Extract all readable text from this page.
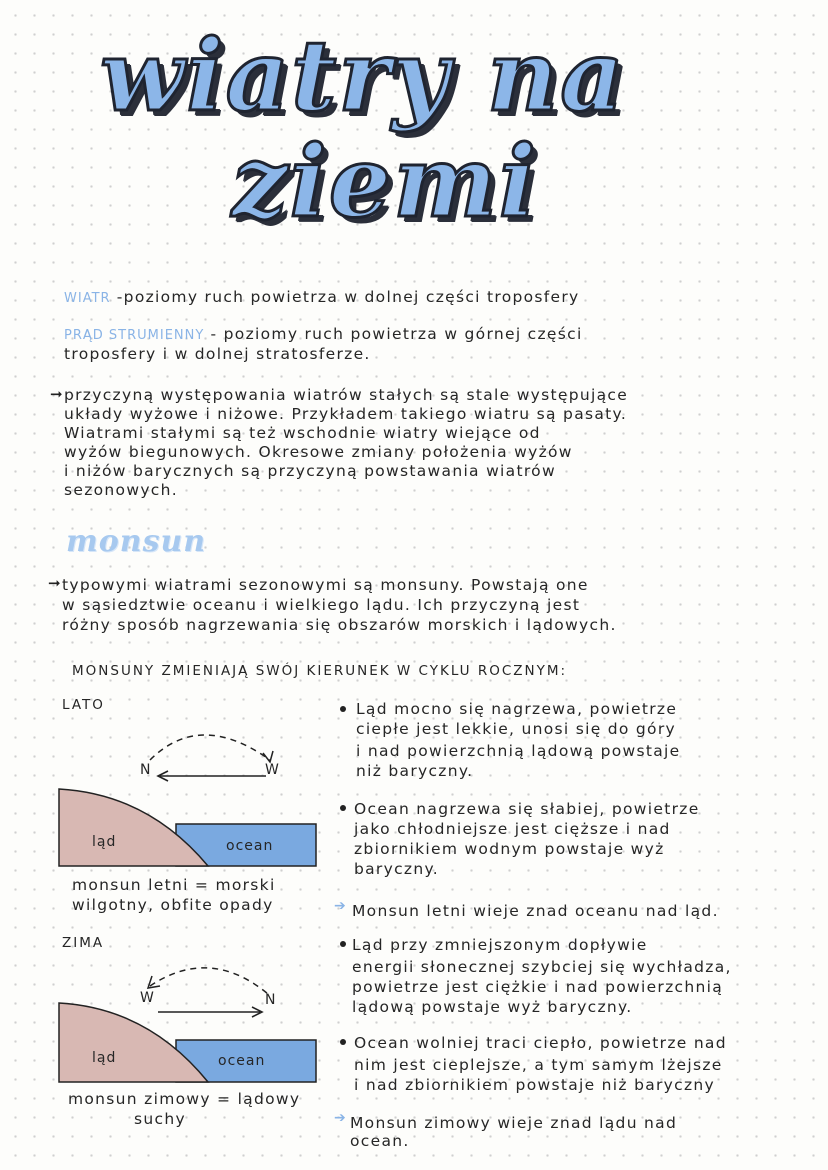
wiatry na
ziemi
WIATR -poziomy ruch powietrza w dolnej części troposfery
PRĄD STRUMIENNY - poziomy ruch powietrza w górnej części
troposfery i w dolnej stratosferze.
➞ przyczyną występowania wiatrów stałych są stale występujące
układy wyżowe i niżowe. Przykładem takiego wiatru są pasaty.
Wiatrami stałymi są też wschodnie wiatry wiejące od
wyżów biegunowych. Okresowe zmiany położenia wyżów
i niżów barycznych są przyczyną powstawania wiatrów
sezonowych.
monsun
➞ typowymi wiatrami sezonowymi są monsuny. Powstają one
w sąsiedztwie oceanu i wielkiego lądu. Ich przyczyną jest
różny sposób nagrzewania się obszarów morskich i lądowych.
MONSUNY ZMIENIAJĄ SWÓJ KIERUNEK W CYKLU ROCZNYM:
LATO
N	W
ląd	ocean
monsun letni = morski
wilgotny, obfite opady
Ląd mocno się nagrzewa, powietrze
ciepłe jest lekkie, unosi się do góry
i nad powierzchnią lądową powstaje
niż baryczny.
Ocean nagrzewa się słabiej, powietrze
jako chłodniejsze jest cięższe i nad
zbiornikiem wodnym powstaje wyż
baryczny.
➔ Monsun letni wieje znad oceanu nad ląd.
ZIMA
W	N
ląd	ocean
monsun zimowy = lądowy
suchy
Ląd przy zmniejszonym dopływie
energii słonecznej szybciej się wychładza,
powietrze jest ciężkie i nad powierzchnią
lądową powstaje wyż baryczny.
Ocean wolniej traci ciepło, powietrze nad
nim jest cieplejsze, a tym samym lżejsze
i nad zbiornikiem powstaje niż baryczny
➔ Monsun zimowy wieje znad lądu nad
ocean.
